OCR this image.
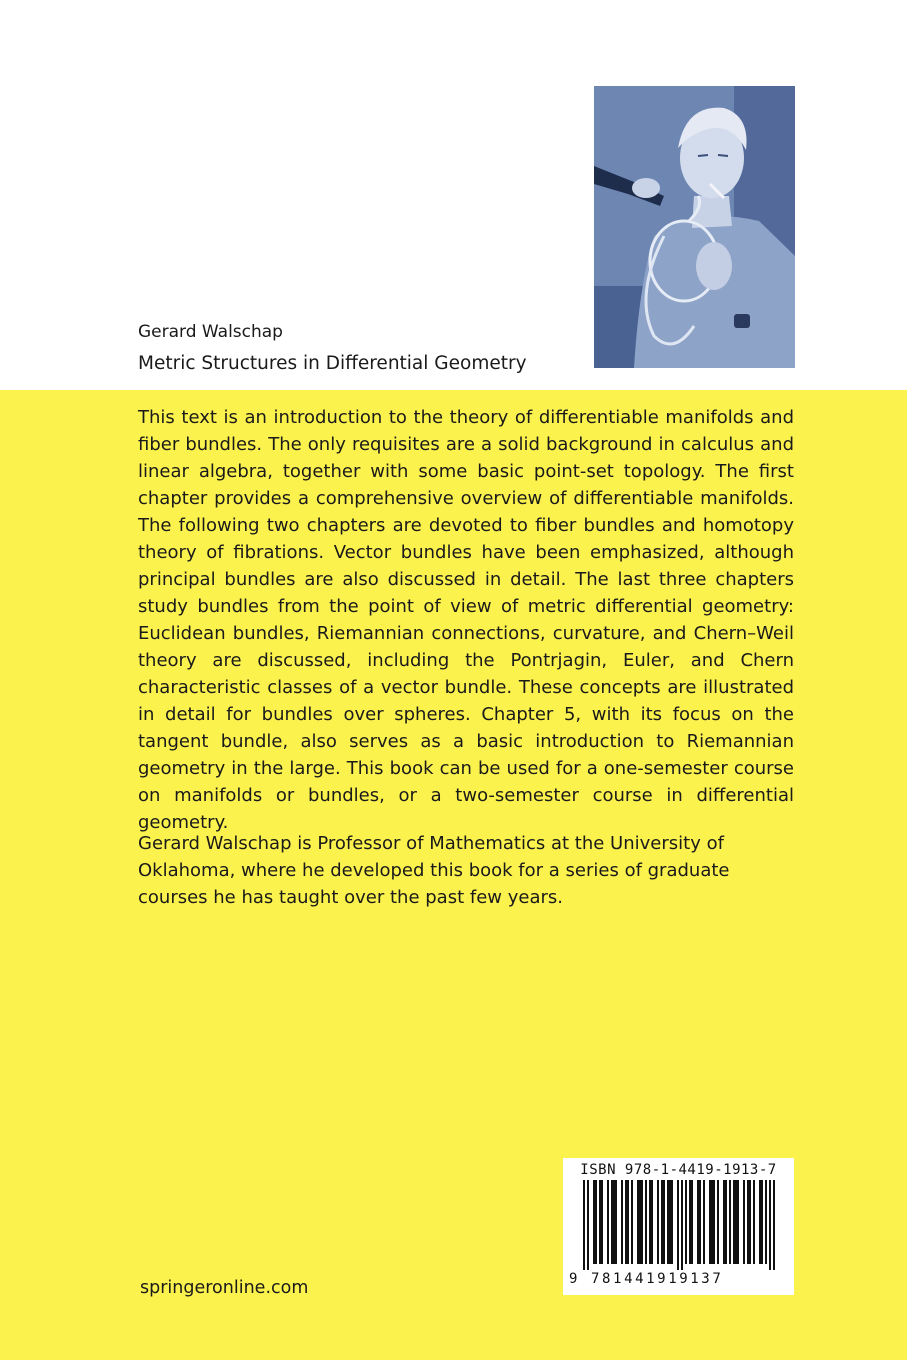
Gerard Walschap
Metric Structures in Differential Geometry

This text is an introduction to the theory of differentiable manifolds and fiber bundles. The only requisites are a solid background in calculus and linear algebra, together with some basic point-set topology. The first chapter provides a comprehensive overview of differentiable manifolds. The following two chapters are devoted to fiber bundles and homotopy theory of fibrations. Vector bundles have been emphasized, although principal bundles are also discussed in detail. The last three chapters study bundles from the point of view of metric differential geometry: Euclidean bundles, Riemannian connections, curvature, and Chern–Weil theory are discussed, including the Pontrjagin, Euler, and Chern characteristic classes of a vector bundle. These concepts are illustrated in detail for bundles over spheres. Chapter 5, with its focus on the tangent bundle, also serves as a basic introduction to Riemannian geometry in the large. This book can be used for a one-semester course on manifolds or bundles, or a two-semester course in differential geometry.

Gerard Walschap is Professor of Mathematics at the University of Oklahoma, where he developed this book for a series of graduate courses he has taught over the past few years.

springeronline.com
ISBN 978-1-4419-1913-7
9 781441919137
